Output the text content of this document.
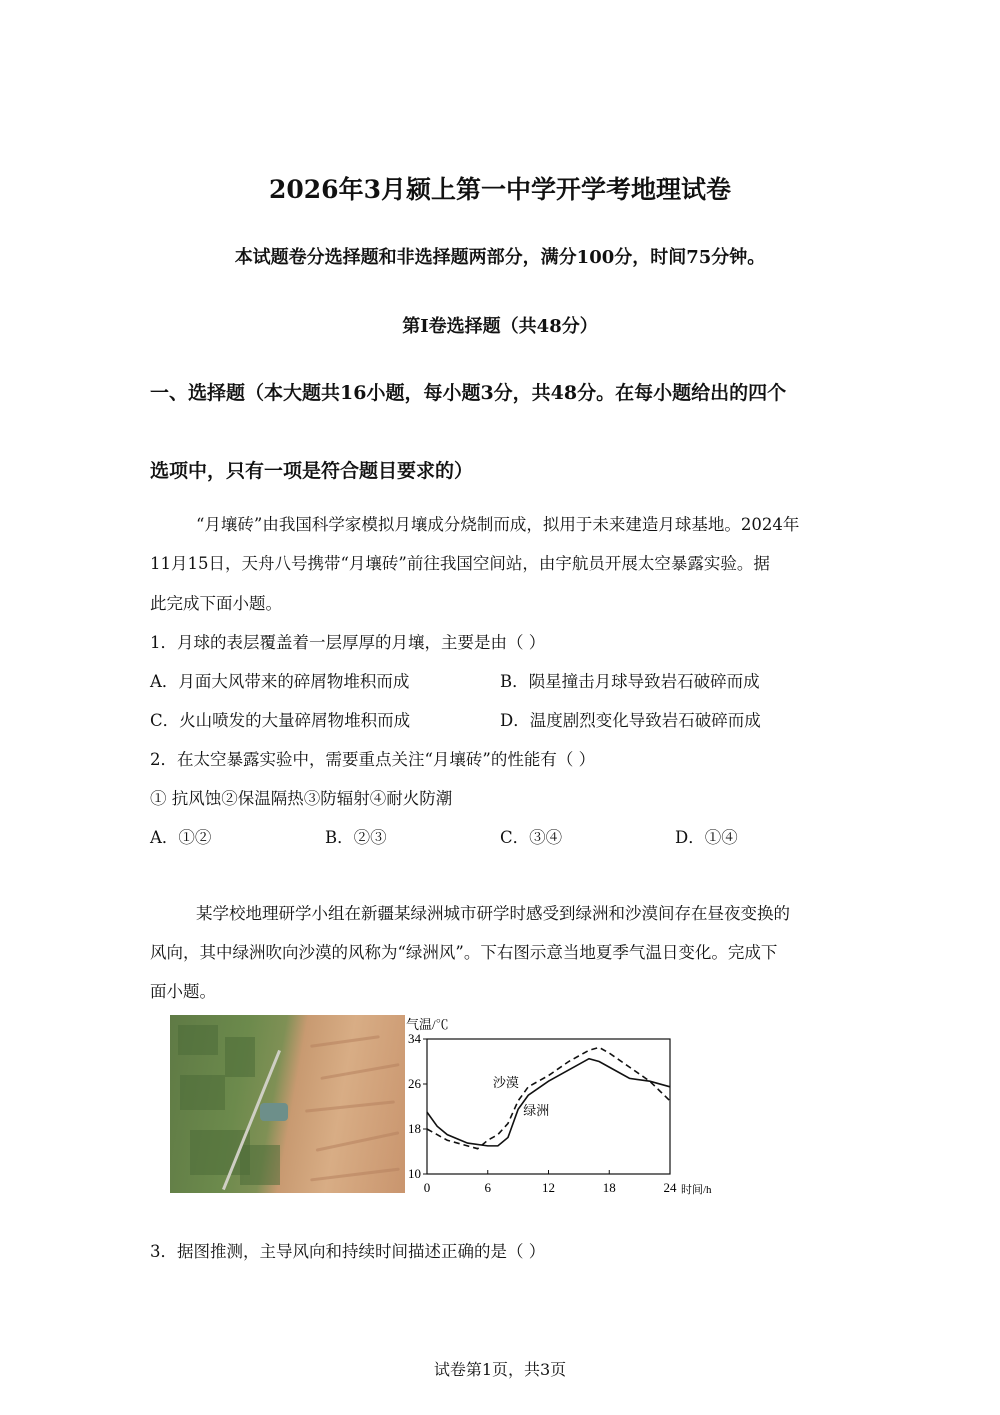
2026年3月颍上第一中学开学考地理试卷
本试题卷分选择题和非选择题两部分，满分100分，时间75分钟。
第Ⅰ卷选择题（共48分）
一、选择题（本大题共16小题，每小题3分，共48分。在每小题给出的四个
选项中，只有一项是符合题目要求的）
“月壤砖”由我国科学家模拟月壤成分烧制而成，拟用于未来建造月球基地。2024年
11月15日，天舟八号携带“月壤砖”前往我国空间站，由宇航员开展太空暴露实验。据
此完成下面小题。
1．月球的表层覆盖着一层厚厚的月壤，主要是由（ ）
A．月面大风带来的碎屑物堆积而成	B．陨星撞击月球导致岩石破碎而成
C．火山喷发的大量碎屑物堆积而成	D．温度剧烈变化导致岩石破碎而成
2．在太空暴露实验中，需要重点关注“月壤砖”的性能有（ ）
① 抗风蚀②保温隔热③防辐射④耐火防潮
A．①②	B．②③	C．③④	D．①④
某学校地理研学小组在新疆某绿洲城市研学时感受到绿洲和沙漠间存在昼夜变换的
风向，其中绿洲吹向沙漠的风称为“绿洲风”。下右图示意当地夏季气温日变化。完成下
面小题。
气温/℃
时间/h
0	6	12	18	24
10
18
26
34
沙漠
绿洲
3．据图推测，主导风向和持续时间描述正确的是（ ）
试卷第1页，共3页
